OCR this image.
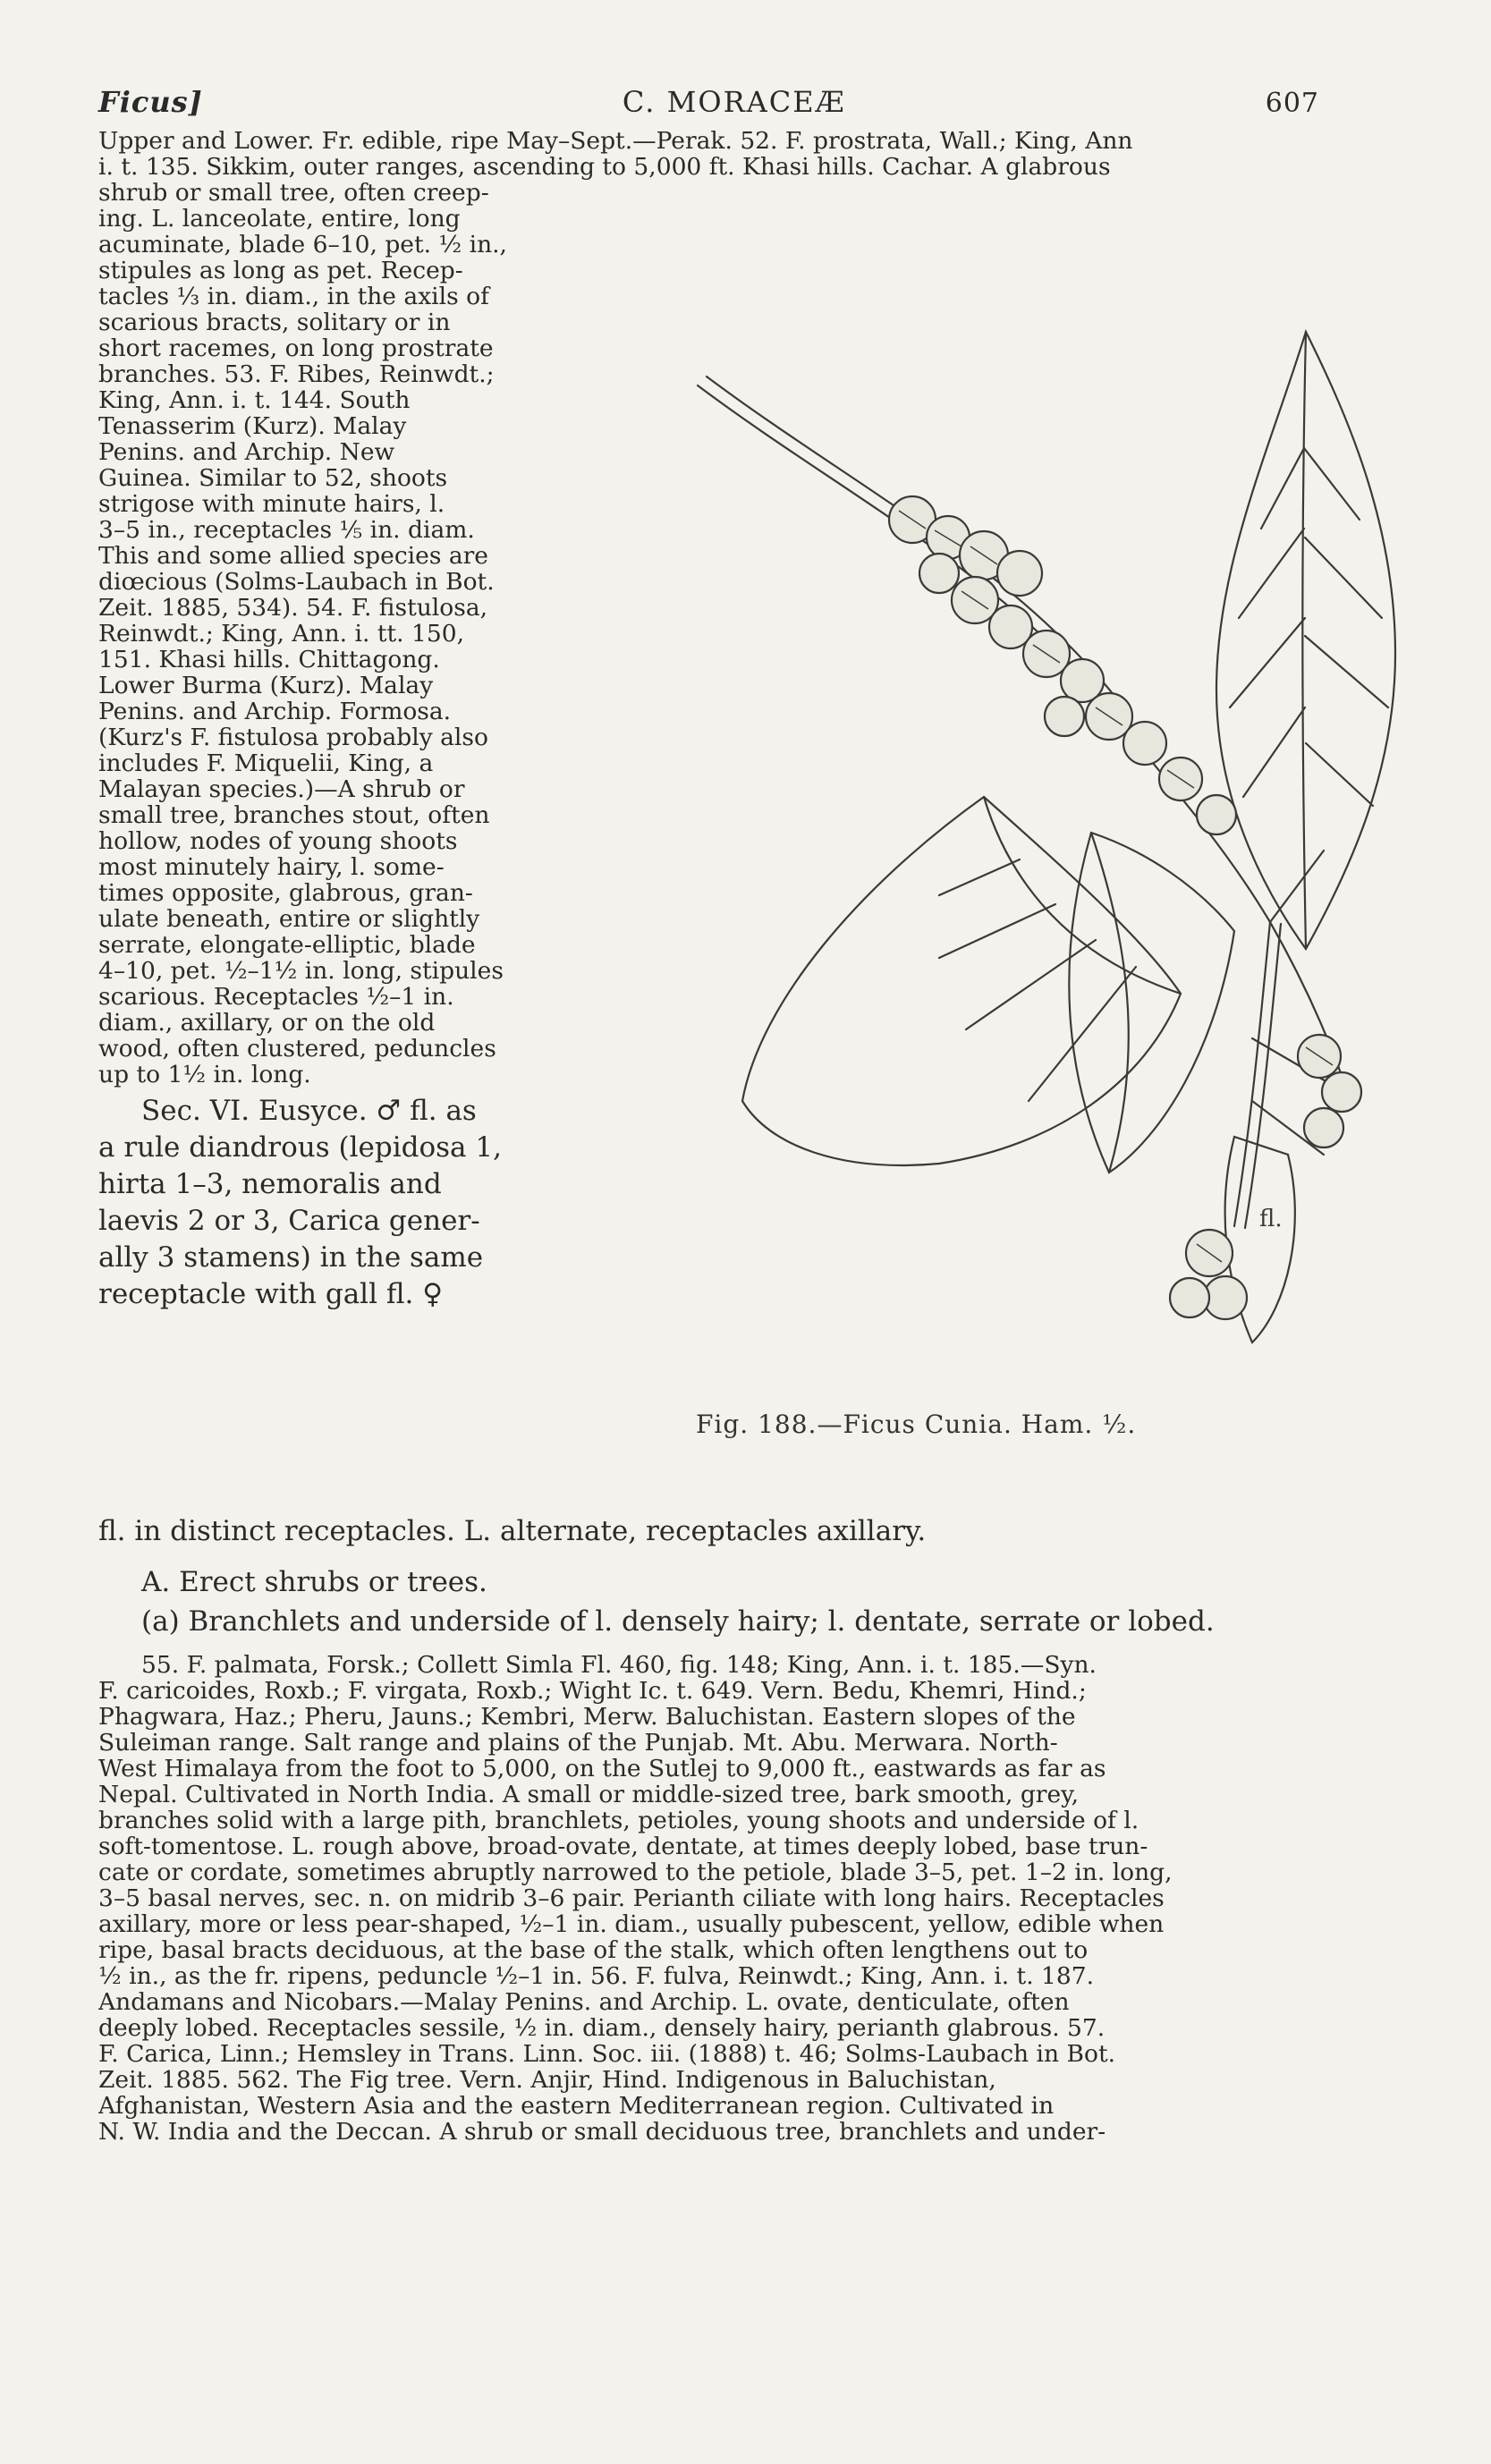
Ficus]	C. MORACEÆ	607
Upper and Lower. Fr. edible, ripe May–Sept.—Perak. 52. F. prostrata, Wall.; King, Ann
i. t. 135. Sikkim, outer ranges, ascending to 5,000 ft. Khasi hills. Cachar. A glabrous
shrub or small tree, often creep-
ing. L. lanceolate, entire, long
acuminate, blade 6–10, pet. ½ in.,
stipules as long as pet. Recep-
tacles ⅓ in. diam., in the axils of
scarious bracts, solitary or in
short racemes, on long prostrate
branches. 53. F. Ribes, Reinwdt.;
King, Ann. i. t. 144. South
Tenasserim (Kurz). Malay
Penins. and Archip. New
Guinea. Similar to 52, shoots
strigose with minute hairs, l.
3–5 in., receptacles ⅕ in. diam.
This and some allied species are
diœcious (Solms-Laubach in Bot.
Zeit. 1885, 534). 54. F. fistulosa,
Reinwdt.; King, Ann. i. tt. 150,
151. Khasi hills. Chittagong.
Lower Burma (Kurz). Malay
Penins. and Archip. Formosa.
(Kurz's F. fistulosa probably also
includes F. Miquelii, King, a
Malayan species.)—A shrub or
small tree, branches stout, often
hollow, nodes of young shoots
most minutely hairy, l. some-
times opposite, glabrous, gran-
ulate beneath, entire or slightly
serrate, elongate-elliptic, blade
4–10, pet. ½–1½ in. long, stipules
scarious. Receptacles ½–1 in.
diam., axillary, or on the old
wood, often clustered, peduncles
up to 1½ in. long.
Sec. VI. Eusyce. ♂ fl. as
a rule diandrous (lepidosa 1,
hirta 1–3, nemoralis and
laevis 2 or 3, Carica gener-
ally 3 stamens) in the same
receptacle with gall fl. ♀
fl.
Fig. 188.—Ficus Cunia. Ham. ½.
fl. in distinct receptacles. L. alternate, receptacles axillary.
A. Erect shrubs or trees.
(a) Branchlets and underside of l. densely hairy; l. dentate, serrate or lobed.
55. F. palmata, Forsk.; Collett Simla Fl. 460, fig. 148; King, Ann. i. t. 185.—Syn.
F. caricoides, Roxb.; F. virgata, Roxb.; Wight Ic. t. 649. Vern. Bedu, Khemri, Hind.;
Phagwara, Haz.; Pheru, Jauns.; Kembri, Merw. Baluchistan. Eastern slopes of the
Suleiman range. Salt range and plains of the Punjab. Mt. Abu. Merwara. North-
West Himalaya from the foot to 5,000, on the Sutlej to 9,000 ft., eastwards as far as
Nepal. Cultivated in North India. A small or middle-sized tree, bark smooth, grey,
branches solid with a large pith, branchlets, petioles, young shoots and underside of l.
soft-tomentose. L. rough above, broad-ovate, dentate, at times deeply lobed, base trun-
cate or cordate, sometimes abruptly narrowed to the petiole, blade 3–5, pet. 1–2 in. long,
3–5 basal nerves, sec. n. on midrib 3–6 pair. Perianth ciliate with long hairs. Receptacles
axillary, more or less pear-shaped, ½–1 in. diam., usually pubescent, yellow, edible when
ripe, basal bracts deciduous, at the base of the stalk, which often lengthens out to
½ in., as the fr. ripens, peduncle ½–1 in. 56. F. fulva, Reinwdt.; King, Ann. i. t. 187.
Andamans and Nicobars.—Malay Penins. and Archip. L. ovate, denticulate, often
deeply lobed. Receptacles sessile, ½ in. diam., densely hairy, perianth glabrous. 57.
F. Carica, Linn.; Hemsley in Trans. Linn. Soc. iii. (1888) t. 46; Solms-Laubach in Bot.
Zeit. 1885. 562. The Fig tree. Vern. Anjir, Hind. Indigenous in Baluchistan,
Afghanistan, Western Asia and the eastern Mediterranean region. Cultivated in
N. W. India and the Deccan. A shrub or small deciduous tree, branchlets and under-
